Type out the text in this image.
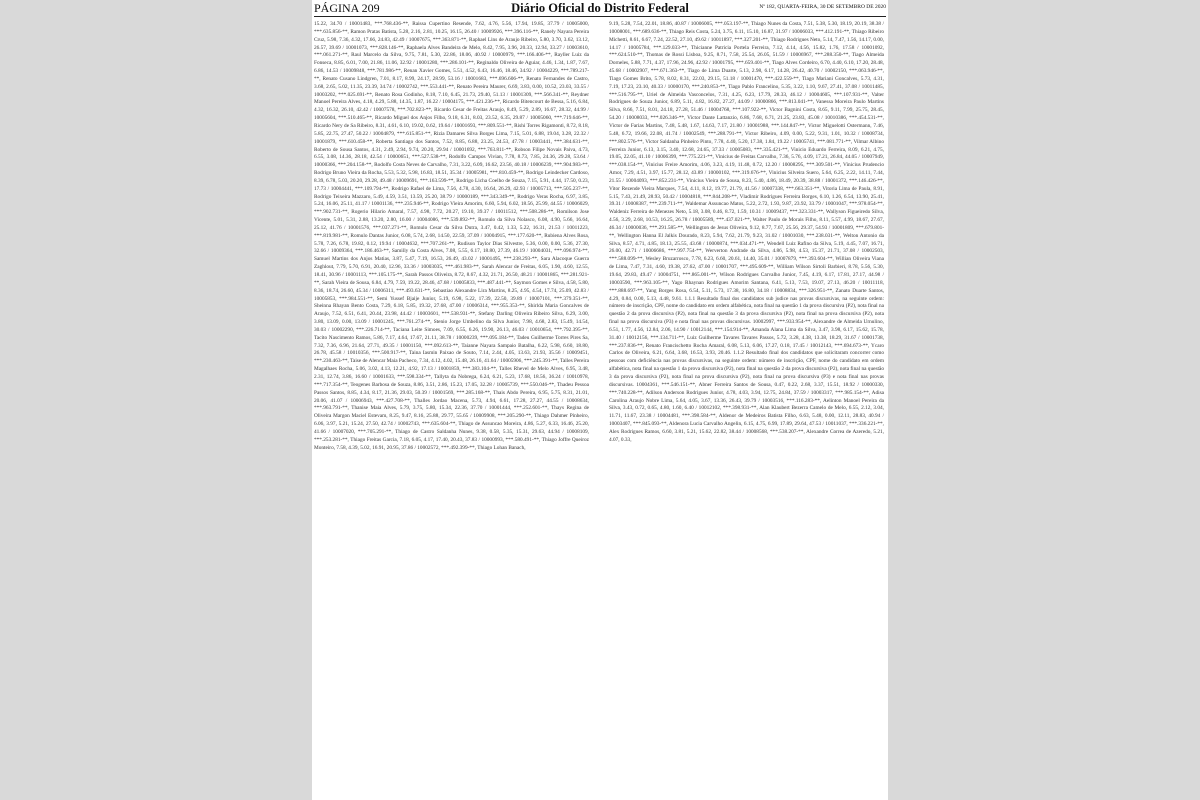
PÁGINA 209	Diário Oficial do Distrito Federal	Nº 182, QUARTA-FEIRA, 30 DE SETEMBRO DE 2020

15.22, 34.70 / 10001483, ***.768.436-**, Raissa Cupertino Resende, 7.62, 4.76, 5.56, 17.94, 19.85, 37.79 / 10005000, ***.635.856-**, Ramon Pratas Batista, 5.28, 2.16, 2.81, 10.25, 16.15, 26.40 / 10009926, ***.396.116-**, Ranely Nayara Pereira Cruz, 5.98, 7.36, 4.32, 17.66, 24.83, 42.49 / 10007675, ***.363.871-**, Raphael Lins de Araujo Ribeiro, 5.80, 3.70, 3.62, 13.12, 26.57, 39.69 / 10001073, ***.828.146-**, Raphaela Alves Bandeira de Melo, 8.42, 7.95, 3.96, 20.33, 12.94, 33.27 / 10003610, ***.061.271-**, Raul Marcelo da Silva, 9.75, 7.81, 5.30, 22.86, 18.06, 40.92 / 10000979, ***.166.406-**, Rayller Luiz da Fonseca, 8.85, 6.01, 7.00, 21.86, 11.06, 32.92 / 10001280, ***.286.101-**, Reginaldo Oliveira de Aguiar, 4.46, 1.34, 1.87, 7.67, 6.86, 14.53 / 10009848, ***.781.986-**, Renan Xavier Gomes, 5.51, 4.52, 6.43, 16.46, 18.46, 34.92 / 10004229, ***.789.217-**, Renato Cusano Lindgren, 7.01, 8.17, 8.99, 24.17, 28.99, 53.16 / 10001683, ***.696.606-**, Renato Fernandes de Castro, 3.68, 2.65, 5.02, 11.35, 23.39, 34.74 / 10002742, ***.553.441-**, Renato Pereira Maurer, 6.69, 3.83, 0.00, 10.52, 23.03, 33.55 / 10003202, ***.025.691-**, Renato Rosa Godinho, 8.18, 7.10, 6.45, 21.73, 29.40, 51.13 / 10001309, ***.566.341-**, Reydner Manoel Pereira Alves, 4.18, 4.29, 5.88, 14.35, 1.87, 16.22 / 10004175, ***.421.236-**, Ricardo Bitencourt de Bessa, 5.16, 6.84, 4.32, 16.32, 26.10, 42.42 / 10007578, ***.702.823-**, Ricardo Cesar de Freitas Araujo, 8.49, 5.29, 2.89, 16.67, 28.32, 44.99 / 10005604, ***.510.465-**, Ricardo Miguel dos Anjos Filho, 9.18, 6.31, 8.03, 23.52, 6.35, 29.87 / 10005060, ***.719.646-**, Ricardo Nery de Sa Ribeiro, 8.31, 4.61, 6.10, 19.02, 0.62, 19.64 / 10001693, ***.809.551-**, Rishi Torres Rigamonti, 8.72, 8.18, 5.85, 22.75, 27.47, 50.22 / 10004879, ***.615.851-**, Rizia Damares Silva Borges Lima, 7.15, 5.01, 6.88, 19.04, 3.28, 22.32 / 10001879, ***.610.458-**, Roberta Santiago dos Santos, 7.52, 8.85, 6.88, 23.25, 24.53, 47.78 / 10003441, ***.384.631-**, Roberto de Sousa Santos, 4.31, 2.49, 2.94, 9.74, 20.20, 29.94 / 10001692, ***.763.811-**, Robson Filipe Novais Paiva, 4.73, 6.55, 3.08, 14.36, 28.18, 42.54 / 10000651, ***.527.538-**, Rodolfo Campos Vivian, 7.78, 8.73, 7.85, 24.36, 29.28, 53.64 / 10000366, ***.204.158-**, Rodolfo Costa Neves de Carvalho, 7.31, 3.22, 6.09, 16.62, 23.56, 40.18 / 10006239, ***.904.983-**, Rodrigo Bruno Vieira da Rocha, 5.53, 5.32, 5.98, 16.83, 18.51, 35.34 / 10005981, ***.810.459-**, Rodrigo Leindecker Cardoso, 8.39, 6.78, 5.03, 20.20, 29.28, 49.48 / 10009691, ***.163.599-**, Rodrigo Licha Coelho de Souza, 7.15, 5.91, 4.44, 17.50, 0.23, 17.73 / 10004441, ***.109.794-**, Rodrigo Rafael de Lima, 7.56, 4.78, 4.30, 16.64, 26.29, 42.93 / 10005713, ***.505.237-**, Rodrigo Teixeira Mazzaro, 5.49, 4.59, 3.51, 13.59, 25.20, 38.79 / 10000189, ***.343.349-**, Rodrigo Veras Rocha, 6.97, 3.85, 5.24, 16.06, 25.11, 41.17 / 10001136, ***.235.946-**, Rodrigo Vieira Amorim, 6.60, 5.94, 6.02, 18.56, 25.99, 44.55 / 10006029, ***.902.731-**, Rogerio Hilario Amaral, 7.57, 4.98, 7.72, 20.27, 19.10, 39.37 / 10011512, ***.508.286-**, Romilson Jose Vicente, 5.01, 5.31, 2.88, 13.20, 2.80, 16.00 / 10004086, ***.539.892-**, Romulo da Silva Nolasco, 6.08, 4.90, 5.66, 16.64, 25.12, 41.76 / 10001576, ***.037.271-**, Romulo Cesar da Silva Dutra, 3.47, 0.42, 1.33, 5.22, 16.31, 21.53 / 10011223, ***.819.981-**, Romulo Dantas Junior, 6.08, 5.74, 2.68, 14.50, 22.59, 37.09 / 10004915, ***.177.620-**, Rubiena Alves Rosa, 5.78, 7.26, 6.78, 19.82, 0.12, 19.94 / 10004632, ***.707.261-**, Rudison Taylor Dias Silvestre, 5.36, 0.00, 0.00, 5.36, 27.30, 32.66 / 10009364, ***.186.463-**, Samilly da Costa Alves, 7.08, 5.55, 6.17, 18.80, 27.39, 46.19 / 10004031, ***.096.974-**, Samuel Martins dos Anjos Matias, 3.87, 5.47, 7.19, 16.53, 26.49, 43.02 / 10001495, ***.238.293-**, Sara Alacoque Guerra Zaghlout, 7.79, 5.70, 6.91, 20.40, 12.96, 33.36 / 10003035, ***.461.983-**, Sarah Alencar de Freitas, 6.05, 1.90, 4.60, 12.55, 18.41, 30.96 / 10001113, ***.105.175-**, Sarah Passos Oliveira, 8.72, 8.67, 4.32, 21.71, 26.50, 48.21 / 10001865, ***.281.921-**, Sarah Vieira de Sousa, 6.84, 4.79, 7.59, 19.22, 28.46, 47.68 / 10005833, ***.487.441-**, Saymon Gomes e Silva, 4.58, 5.80, 8.36, 18.74, 26.60, 45.34 / 10006311, ***.493.631-**, Sebastiao Alexandre Lira Martins, 8.25, 4.95, 4.54, 17.74, 25.09, 42.83 / 10005853, ***.984.551-**, Semi Yussef Bjaije Junior, 5.19, 6.98, 5.22, 17.39, 22.50, 39.89 / 10007101, ***.379.351-**, Sheinna Rhayan Bento Costa, 7.29, 6.18, 5.85, 19.32, 27.68, 47.00 / 10006314, ***.955.353-**, Shirlda Maria Goncalves de Araujo, 7.52, 6.51, 6.41, 20.44, 23.98, 44.42 / 10003601, ***.538.931-**, Stefany Darling Oliveira Ribeiro Silva, 6.29, 3.00, 3.80, 13.09, 0.00, 13.09 / 10001245, ***.761.274-**, Stenio Jorge Umbelino da Silva Junior, 7.98, 4.68, 2.83, 15.49, 14.54, 30.03 / 10002290, ***.226.714-**, Taciana Leite Simoes, 7.09, 6.55, 6.26, 19.90, 26.13, 46.03 / 10010654, ***.792.395-**, Tacito Nascimento Ramos, 5.86, 7.17, 4.64, 17.67, 21.11, 38.78 / 10000239, ***.095.184-**, Tadeu Guilherme Torres Pires Sa, 7.32, 7.36, 6.96, 21.64, 27.71, 49.35 / 10001150, ***.092.613-**, Taianne Nayara Sampaio Batalha, 6.22, 5.98, 6.60, 18.80, 26.78, 45.58 / 10010356, ***.500.917-**, Taina Iasmin Paixao de Souto, 7.14, 2.44, 4.05, 13.63, 21.93, 35.56 / 10009451, ***.230.463-**, Taise de Alencar Maia Pacheco, 7.34, 4.12, 4.02, 15.48, 26.16, 41.64 / 10005906, ***.245.391-**, Talles Pereira Magalhaes Rocha, 5.06, 3.02, 4.13, 12.21, 4.92, 17.13 / 10001859, ***.383.104-**, Talles Rhevel de Melo Alves, 6.95, 3.48, 2.31, 12.74, 3.86, 16.60 / 10001633, ***.598.334-**, Tallyta da Nobrega, 6.24, 6.21, 5.23, 17.68, 18.56, 36.24 / 10010978, ***.717.354-**, Teogenes Barbosa de Souza, 8.86, 3.51, 2.86, 15.23, 17.05, 32.28 / 10005739, ***.550.046-**, Thadeu Pessoa Passos Santos, 8.85, 4.34, 8.17, 21.36, 29.03, 50.39 / 10001569, ***.285.168-**, Thais Abdo Pereira, 6.95, 5.75, 8.31, 21.01, 20.06, 41.07 / 10006943, ***.427.708-**, Thalles Jordao Macena, 5.73, 4.94, 6.61, 17.28, 27.27, 44.55 / 10008634, ***.963.791-**, Thanise Maia Alves, 5.79, 3.75, 5.80, 15.34, 22.36, 37.70 / 10001444, ***.252.601-**, Thays Regina de Oliveira Margon Maciel Estevam, 8.25, 9.47, 8.16, 25.88, 29.77, 55.65 / 10009908, ***.205.290-**, Thiago Dahmer Pinheiro, 6.06, 3.97, 5.21, 15.24, 27.50, 42.74 / 10002743, ***.635.604-**, Thiago de Assuncao Moreira, 4.86, 5.27, 6.33, 16.46, 25.20, 41.66 / 10007020, ***.705.291-**, Thiago de Castro Saldanha Nunes, 9.38, 0.58, 5.35, 15.31, 29.63, 44.94 / 10008109, ***.253.281-**, Thiago Freitas Garcia, 7.18, 6.05, 4.17, 17.40, 20.43, 37.83 / 10000993, ***.580.491-**, Thiago Joffre Queiroz Monteiro, 7.58, 4.39, 5.02, 16.91, 20.95, 37.86 / 10002572, ***.492.399-**, Thiago Lohan Banach,

9.19, 5.28, 7.54, 22.01, 18.86, 40.87 / 10006005, ***.053.197-**, Thiago Nunes da Costa, 7.51, 5.38, 5.30, 18.19, 20.19, 38.38 / 10008001, ***.689.636-**, Thiago Reis Costa, 5.24, 3.75, 6.11, 15.10, 16.87, 31.97 / 10006033, ***.412.191-**, Thiago Ribeiro Michetti, 8.61, 6.67, 7.24, 22.52, 27.10, 49.62 / 10011897, ***.327.201-**, Thiago Rodrigues Neto, 5.14, 7.47, 1.56, 14.17, 0.00, 14.17 / 10005784, ***.129.033-**, Thicianne Patricia Portela Ferreira, 7.12, 4.14, 4.56, 15.82, 1.76, 17.58 / 10001092, ***.624.510-**, Thomas de Rossi Lisboa, 9.25, 8.71, 7.58, 25.54, 26.05, 51.59 / 10006967, ***.288.350-**, Tiago Almeida Dorneles, 5.88, 7.71, 4.37, 17.96, 24.96, 42.92 / 10001795, ***.659.401-**, Tiago Alves Cordeiro, 6.70, 4.40, 6.10, 17.20, 28.48, 45.68 / 10002907, ***.671.363-**, Tiago de Lima Duarte, 5.13, 2.98, 6.17, 14.28, 26.42, 40.70 / 10002150, ***.063.946-**, Tiago Gomes Brito, 5.78, 8.02, 8.31, 22.03, 29.15, 51.18 / 10001470, ***.422.559-**, Tiago Mariani Goncalves, 5.73, 4.31, 7.19, 17.23, 23.10, 40.33 / 10000170, ***.240.853-**, Tiago Pablo Francelino, 5.35, 3.22, 1.10, 9.67, 27.41, 37.08 / 10011485, ***.516.795-**, Uriel de Almeida Vasconcelos, 7.31, 4.25, 6.23, 17.79, 28.33, 46.12 / 10004605, ***.107.931-**, Valter Rodrigues de Souza Junior, 6.89, 5.11, 4.82, 16.82, 27.27, 44.09 / 10000866, ***.813.041-**, Vanessa Moreira Paulo Martins Silva, 8.66, 7.51, 8.01, 24.18, 27.28, 51.46 / 10004768, ***.107.922-**, Victor Bagnini Costa, 8.65, 9.11, 7.99, 25.75, 28.45, 54.20 / 10008033, ***.026.346-**, Victor Dante Lattanzio, 6.86, 7.68, 6.71, 21.25, 23.83, 45.08 / 10010386, ***.454.531-**, Victor de Farias Martins, 7.48, 5.48, 1.67, 14.63, 7.17, 21.80 / 10001988, ***.144.847-**, Victor Miguelotti Ostermann, 7.46, 5.48, 6.72, 19.66, 22.08, 41.74 / 10002549, ***.288.791-**, Victor Ribeiro, 4.09, 0.00, 5.22, 9.31, 1.01, 10.32 / 10008734, ***.802.576-**, Victor Saldanha Pinheiro Pinto, 7.78, 4.40, 5.20, 17.38, 1.84, 19.22 / 10005741, ***.081.771-**, Vilmar Albino Ferreira Junior, 6.13, 3.15, 3.40, 12.68, 24.65, 37.33 / 10005083, ***.335.421-**, Vinicio Eduardo Ferreira, 8.09, 6.21, 4.75, 19.05, 22.05, 41.10 / 10006399, ***.775.221-**, Vinicius de Freitas Carvalho, 7.36, 5.76, 4.09, 17.21, 26.84, 44.05 / 10007949, ***.038.154-**, Vinicius Freire Amorim, 4.06, 3.23, 4.19, 11.48, 0.72, 12.20 / 10008295, ***.309.501-**, Vinicius Prudencio Amor, 7.29, 4.51, 3.97, 15.77, 28.12, 43.89 / 10000102, ***.319.676-**, Vinicius Silveira Suero, 5.64, 6.25, 2.22, 14.11, 7.44, 21.55 / 10004093, ***.852.231-**, Vinicius Vieira de Sousa, 8.23, 5.40, 4.86, 18.49, 20.39, 38.88 / 10001372, ***.146.426-**, Vitor Rezende Vieira Marques, 7.54, 4.11, 8.12, 19.77, 21.79, 41.56 / 10007338, ***.663.351-**, Vitoria Lima de Paula, 8.91, 5.15, 7.43, 21.49, 28.93, 50.42 / 10004818, ***.844.208-**, Vladimir Rodrigues Ferreira Borges, 6.10, 1.26, 6.54, 13.90, 25.41, 39.31 / 10008387, ***.239.711-**, Waldemar Assuncao Matos, 5.22, 2.72, 1.93, 9.87, 23.92, 33.79 / 10001047, ***.978.054-**, Waldeniz Ferreira de Menezes Neto, 5.18, 3.08, 0.46, 8.72, 1.59, 10.31 / 10009437, ***.323.331-**, Wallyson Figueiredo Silva, 4.56, 3.29, 2.68, 10.53, 16.25, 26.78 / 10005589, ***.437.021-**, Walter Paulo de Morais Filho, 8.11, 5.57, 4.99, 18.67, 27.67, 46.34 / 10000036, ***.291.585-**, Wellington de Jesus Oliveira, 9.12, 8.77, 7.67, 25.56, 29.37, 54.93 / 10001809, ***.679.801-**, Wellington Hanna El Jalkis Dourado, 8.23, 5.94, 7.62, 21.79, 9.23, 31.02 / 10001030, ***.238.031-**, Welton Antonio da Silva, 8.57, 4.71, 4.85, 18.13, 25.55, 43.68 / 10000874, ***.034.471-**, Wendell Luiz Rafino da Silva, 5.19, 4.45, 7.07, 16.71, 26.00, 42.71 / 10006686, ***.997.754-**, Werverton Andrade da Silva, 4.86, 5.98, 4.53, 15.37, 21.71, 37.08 / 10002503, ***.588.099-**, Wesley Bruzarrosco, 7.78, 6.23, 6.60, 20.61, 14.40, 35.01 / 10007879, ***.393.604-**, Willian Oliveira Viana de Lima, 7.47, 7.31, 4.60, 19.38, 27.62, 47.00 / 10001707, ***.495.609-**, William Wilson Sirtoli Barbieri, 8.78, 5.56, 5.30, 19.64, 29.83, 49.47 / 10004751, ***.865.001-**, Wilson Rodrigues Carvalho Junior, 7.45, 4.19, 6.17, 17.81, 27.17, 44.98 / 10003590, ***.963.105-**, Yago Rhaynan Rodrigues Amorim Santana, 6.41, 5.13, 7.53, 19.07, 27.13, 46.20 / 10011118, ***.888.697-**, Yang Borges Rosa, 6.54, 5.11, 5.73, 17.38, 16.80, 34.18 / 10008834, ***.326.951-**, Zanato Duarte Santos, 4.29, 0.84, 0.00, 5.13, 4.48, 9.61. 1.1.1 Resultado final dos candidatos sub judice nas provas discursivas, na seguinte ordem: número de inscrição, CPF, nome do candidato em ordem alfabética, nota final na questão 1 da prova discursiva (P2), nota final na questão 2 da prova discursiva (P2), nota final na questão 3 da prova discursiva (P2), nota final na prova discursiva (P2), nota final na prova discursiva (P3) e nota final nas provas discursivas. 10002997, ***.933.954-**, Alexandre de Almeida Urnulino, 6.51, 1.77, 4.56, 12.84, 2.06, 14.90 / 10012144, ***.154.914-**, Amanda Alana Lima da Silva, 3.47, 3.98, 6.17, 15.62, 15.78, 31.40 / 10012156, ***.134.711-**, Luiz Guilherme Tavares Tavares Passos, 5.72, 3.28, 4.38, 13.38, 18.29, 31.67 / 10001738, ***.237.836-**, Renato Francischetto Rocha Amaral, 6.08, 5.13, 6.06, 17.27, 0.18, 17.45 / 10012143, ***.694.673-**, Ycaro Carlos de Oliveira, 6.21, 6.64, 3.68, 16.53, 3.93, 20.46. 1.1.2 Resultado final dos candidatos que solicitaram concorrer como pessoas com deficiência nas provas discursivas, na seguinte ordem: número de inscrição, CPF, nome do candidato em ordem alfabética, nota final na questão 1 da prova discursiva (P2), nota final na questão 2 da prova discursiva (P2), nota final na questão 3 da prova discursiva (P2), nota final na prova discursiva (P2), nota final na prova discursiva (P3) e nota final nas provas discursivas. 10004361, ***.546.151-**, Abner Ferreira Santos de Sousa, 0.47, 0.22, 2.68, 3.37, 15.51, 18.92 / 10000330, ***.740.228-**, Adilson Anderson Rodrigues Junior, 4.78, 4.03, 3.94, 12.75, 24.84, 37.59 / 10003317, ***.985.154-**, Adisa Carolina Araujo Nobre Lima, 5.64, 4.05, 3.67, 13.36, 26.43, 39.79 / 10003516, ***.116.283-**, Aelinton Manoel Pereira da Silva, 3.43, 0.72, 0.65, 4.80, 1.60, 6.40 / 10012102, ***.398.931-**, Alan Klaubert Bezerra Camelo de Melo, 6.55, 2.12, 3.04, 11.71, 11.67, 23.38 / 10004481, ***.398.584-**, Aldenor de Medeiros Batista Filho, 6.63, 5.48, 0.00, 12.11, 28.83, 40.94 / 10003407, ***.845.093-**, Aldenora Lucia Carvalho Angelin, 6.15, 4.75, 6.99, 17.89, 29.64, 47.53 / 10011037, ***.336.221-**, Alex Rodrigues Ramos, 6.60, 3.81, 5.21, 15.62, 22.82, 38.44 / 10008568, ***.538.207-**, Alexandre Correa de Azeredo, 5.21, 4.07, 0.33,
